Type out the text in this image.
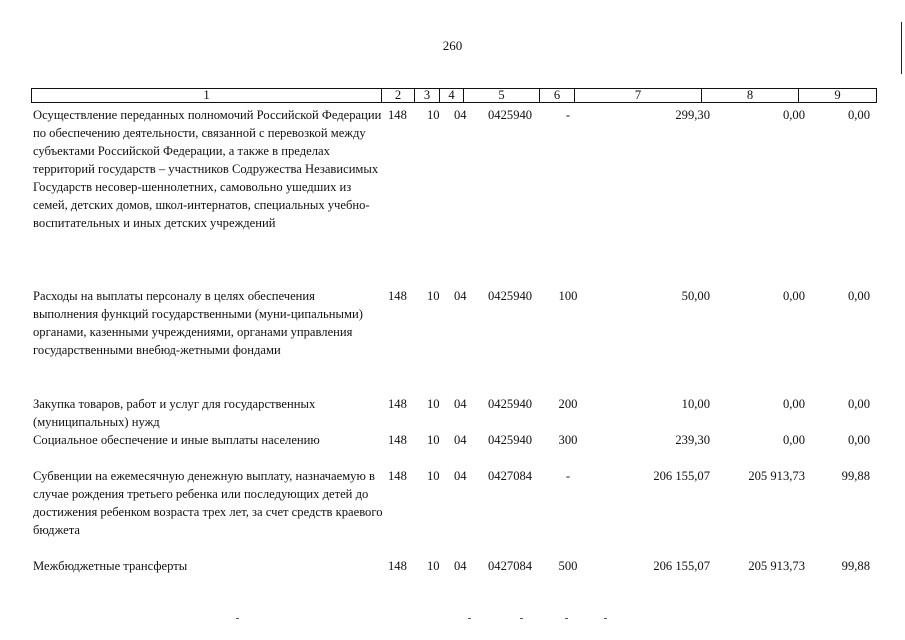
260
1	2	3	4	5	6	7	8	9
Осуществление переданных полномочий Российской Федерации по обеспечению деятельности, связанной с перевозкой между субъектами Российской Федерации, а также в пределах территорий государств – участников Содружества Независимых Государств несовер-шеннолетних, самовольно ушедших из семей, детских домов, школ-интернатов, специальных учебно-воспитательных и иных детских учреждений
148	10	04	0425940	-	299,30	0,00	0,00
Расходы на выплаты персоналу в целях обеспечения выполнения функций государственными (муни-ципальными) органами, казенными учреждениями, органами управления государственными внебюд-жетными фондами
148	10	04	0425940	100	50,00	0,00	0,00
Закупка товаров, работ и услуг для государственных (муниципальных) нужд
148	10	04	0425940	200	10,00	0,00	0,00
Социальное обеспечение и иные выплаты населению	148	10	04	0425940	300	239,30	0,00	0,00
Субвенции на ежемесячную денежную выплату, назначаемую в случае рождения третьего ребенка или последующих детей до достижения ребенком возраста трех лет, за счет средств краевого бюджета
148	10	04	0427084	-	206 155,07	205 913,73	99,88
Межбюджетные трансферты	148	10	04	0427084	500	206 155,07	205 913,73	99,88
